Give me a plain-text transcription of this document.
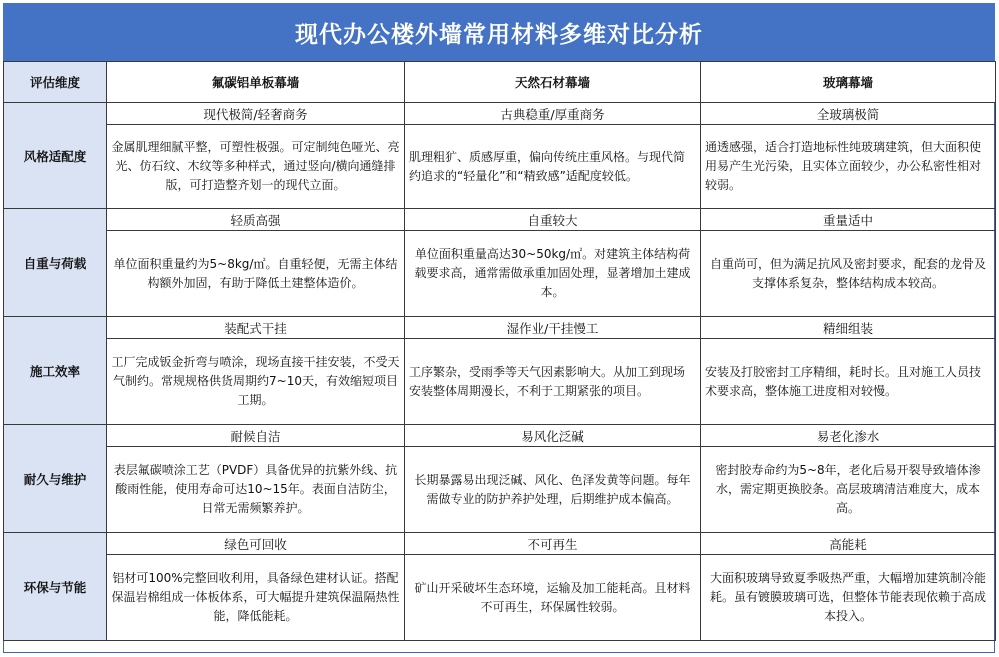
现代办公楼外墙常用材料多维对比分析
评估维度	氟碳铝单板幕墙	天然石材幕墙	玻璃幕墙
风格适配度	现代极简/轻奢商务	古典稳重/厚重商务	全玻璃极简
	金属肌理细腻平整，可塑性极强。可定制纯色哑光、亮光、仿石纹、木纹等多种样式，通过竖向/横向通缝排版，可打造整齐划一的现代立面。	肌理粗犷、质感厚重，偏向传统庄重风格。与现代简约追求的“轻量化”和“精致感”适配度较低。	通透感强，适合打造地标性纯玻璃建筑，但大面积使用易产生光污染，且实体立面较少，办公私密性相对较弱。
自重与荷载	轻质高强	自重较大	重量适中
	单位面积重量约为5~8kg/㎡。自重轻便，无需主体结构额外加固，有助于降低土建整体造价。	单位面积重量高达30~50kg/㎡。对建筑主体结构荷载要求高，通常需做承重加固处理，显著增加土建成本。	自重尚可，但为满足抗风及密封要求，配套的龙骨及支撑体系复杂，整体结构成本较高。
施工效率	装配式干挂	湿作业/干挂慢工	精细组装
	工厂完成钣金折弯与喷涂，现场直接干挂安装，不受天气制约。常规规格供货周期约7~10天，有效缩短项目工期。	工序繁杂，受雨季等天气因素影响大。从加工到现场安装整体周期漫长，不利于工期紧张的项目。	安装及打胶密封工序精细，耗时长。且对施工人员技术要求高，整体施工进度相对较慢。
耐久与维护	耐候自洁	易风化泛碱	易老化渗水
	表层氟碳喷涂工艺（PVDF）具备优异的抗紫外线、抗酸雨性能，使用寿命可达10~15年。表面自洁防尘，日常无需频繁养护。	长期暴露易出现泛碱、风化、色泽发黄等问题。每年需做专业的防护养护处理，后期维护成本偏高。	密封胶寿命约为5~8年，老化后易开裂导致墙体渗水，需定期更换胶条。高层玻璃清洁难度大，成本高。
环保与节能	绿色可回收	不可再生	高能耗
	铝材可100%完整回收利用，具备绿色建材认证。搭配保温岩棉组成一体板体系，可大幅提升建筑保温隔热性能，降低能耗。	矿山开采破坏生态环境，运输及加工能耗高。且材料不可再生，环保属性较弱。	大面积玻璃导致夏季吸热严重，大幅增加建筑制冷能耗。虽有镀膜玻璃可选，但整体节能表现依赖于高成本投入。
